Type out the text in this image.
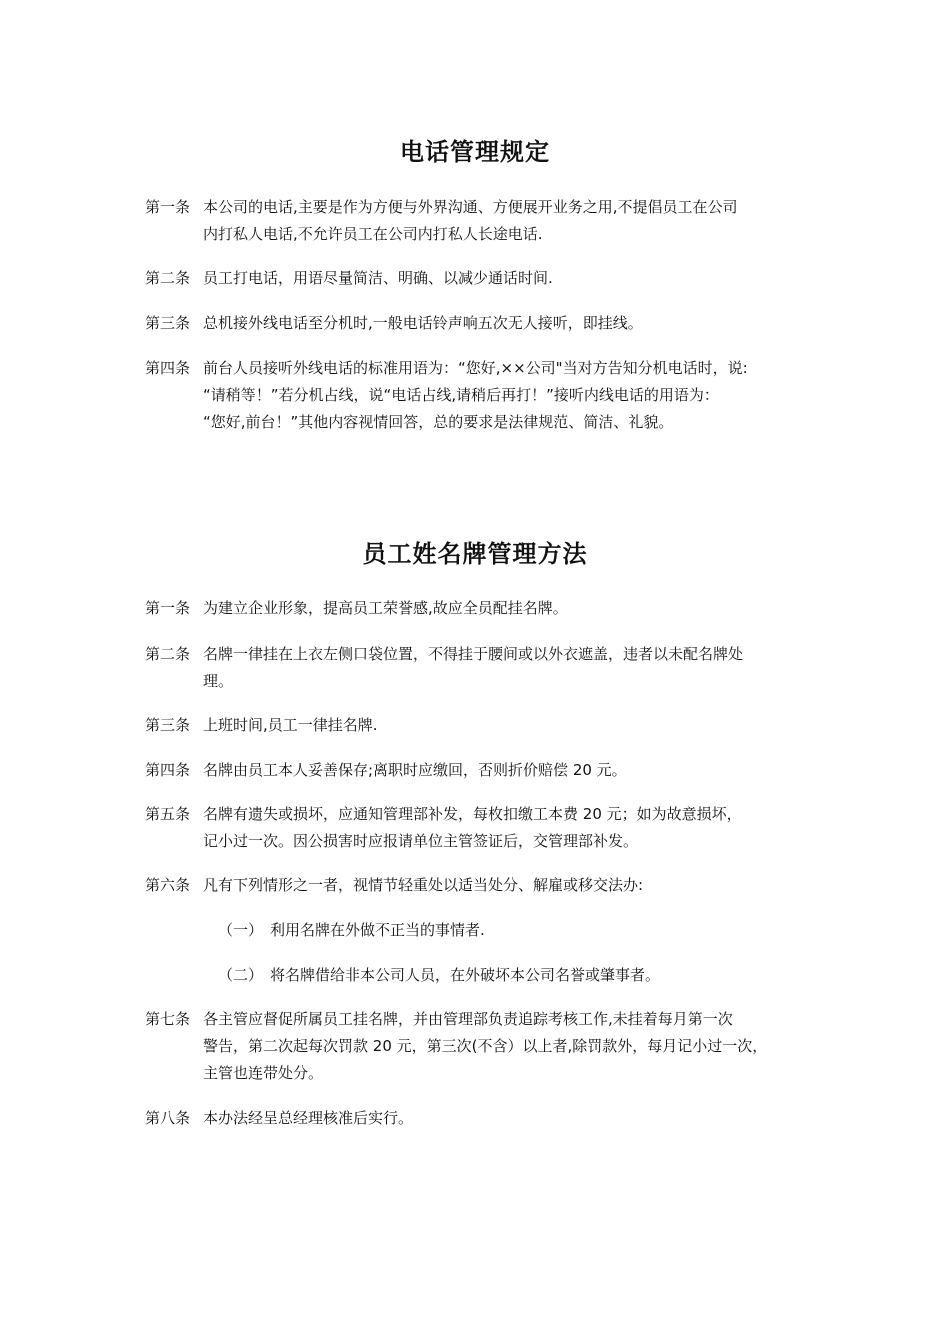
电话管理规定
第一条 本公司的电话,主要是作为方便与外界沟通、方便展开业务之用,不提倡员工在公司
内打私人电话,不允许员工在公司内打私人长途电话.
第二条 员工打电话，用语尽量简洁、明确、以减少通话时间.
第三条 总机接外线电话至分机时,一般电话铃声响五次无人接听，即挂线。
第四条 前台人员接听外线电话的标准用语为：“您好,××公司"当对方告知分机电话时，说:
“请稍等！”若分机占线，说“电话占线,请稍后再打！”接听内线电话的用语为：
“您好,前台！”其他内容视情回答，总的要求是法律规范、简洁、礼貌。
员工姓名牌管理方法
第一条 为建立企业形象，提高员工荣誉感,故应全员配挂名牌。
第二条 名牌一律挂在上衣左侧口袋位置，不得挂于腰间或以外衣遮盖，违者以未配名牌处
理。
第三条 上班时间,员工一律挂名牌.
第四条 名牌由员工本人妥善保存;离职时应缴回，否则折价赔偿 20 元。
第五条 名牌有遗失或损坏，应通知管理部补发，每枚扣缴工本费 20 元；如为故意损坏，
记小过一次。因公损害时应报请单位主管签证后，交管理部补发。
第六条 凡有下列情形之一者，视情节轻重处以适当处分、解雇或移交法办:
（一） 利用名牌在外做不正当的事情者.
（二） 将名牌借给非本公司人员，在外破坏本公司名誉或肇事者。
第七条 各主管应督促所属员工挂名牌，并由管理部负责追踪考核工作,未挂着每月第一次
警告，第二次起每次罚款 20 元，第三次(不含）以上者,除罚款外，每月记小过一次，
主管也连带处分。
第八条 本办法经呈总经理核准后实行。
